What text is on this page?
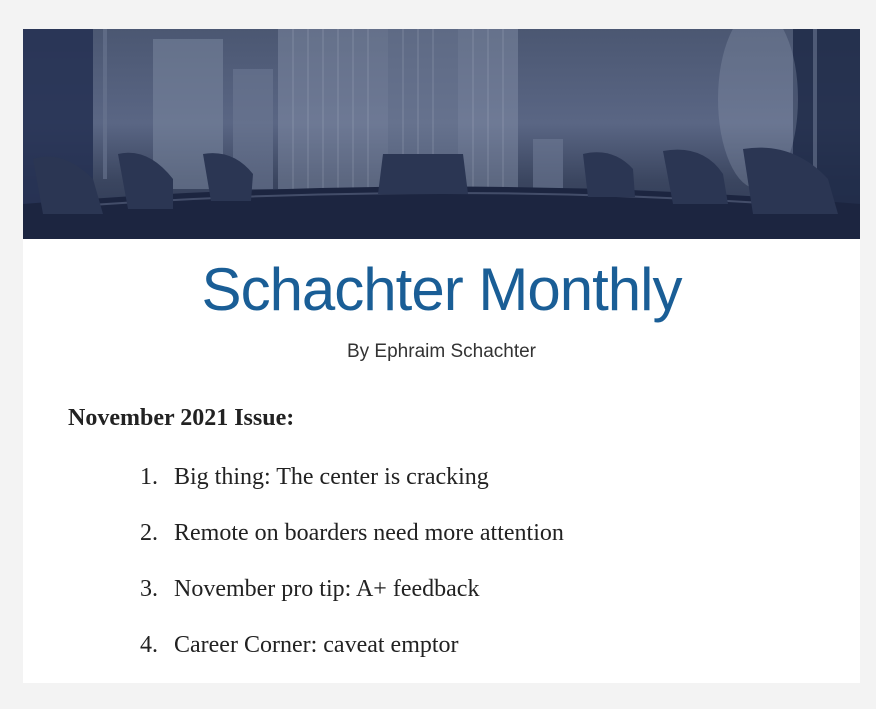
Schachter Monthly
By Ephraim Schachter
November 2021 Issue:
1. Big thing: The center is cracking
2. Remote on boarders need more attention
3. November pro tip: A+ feedback
4. Career Corner: caveat emptor
